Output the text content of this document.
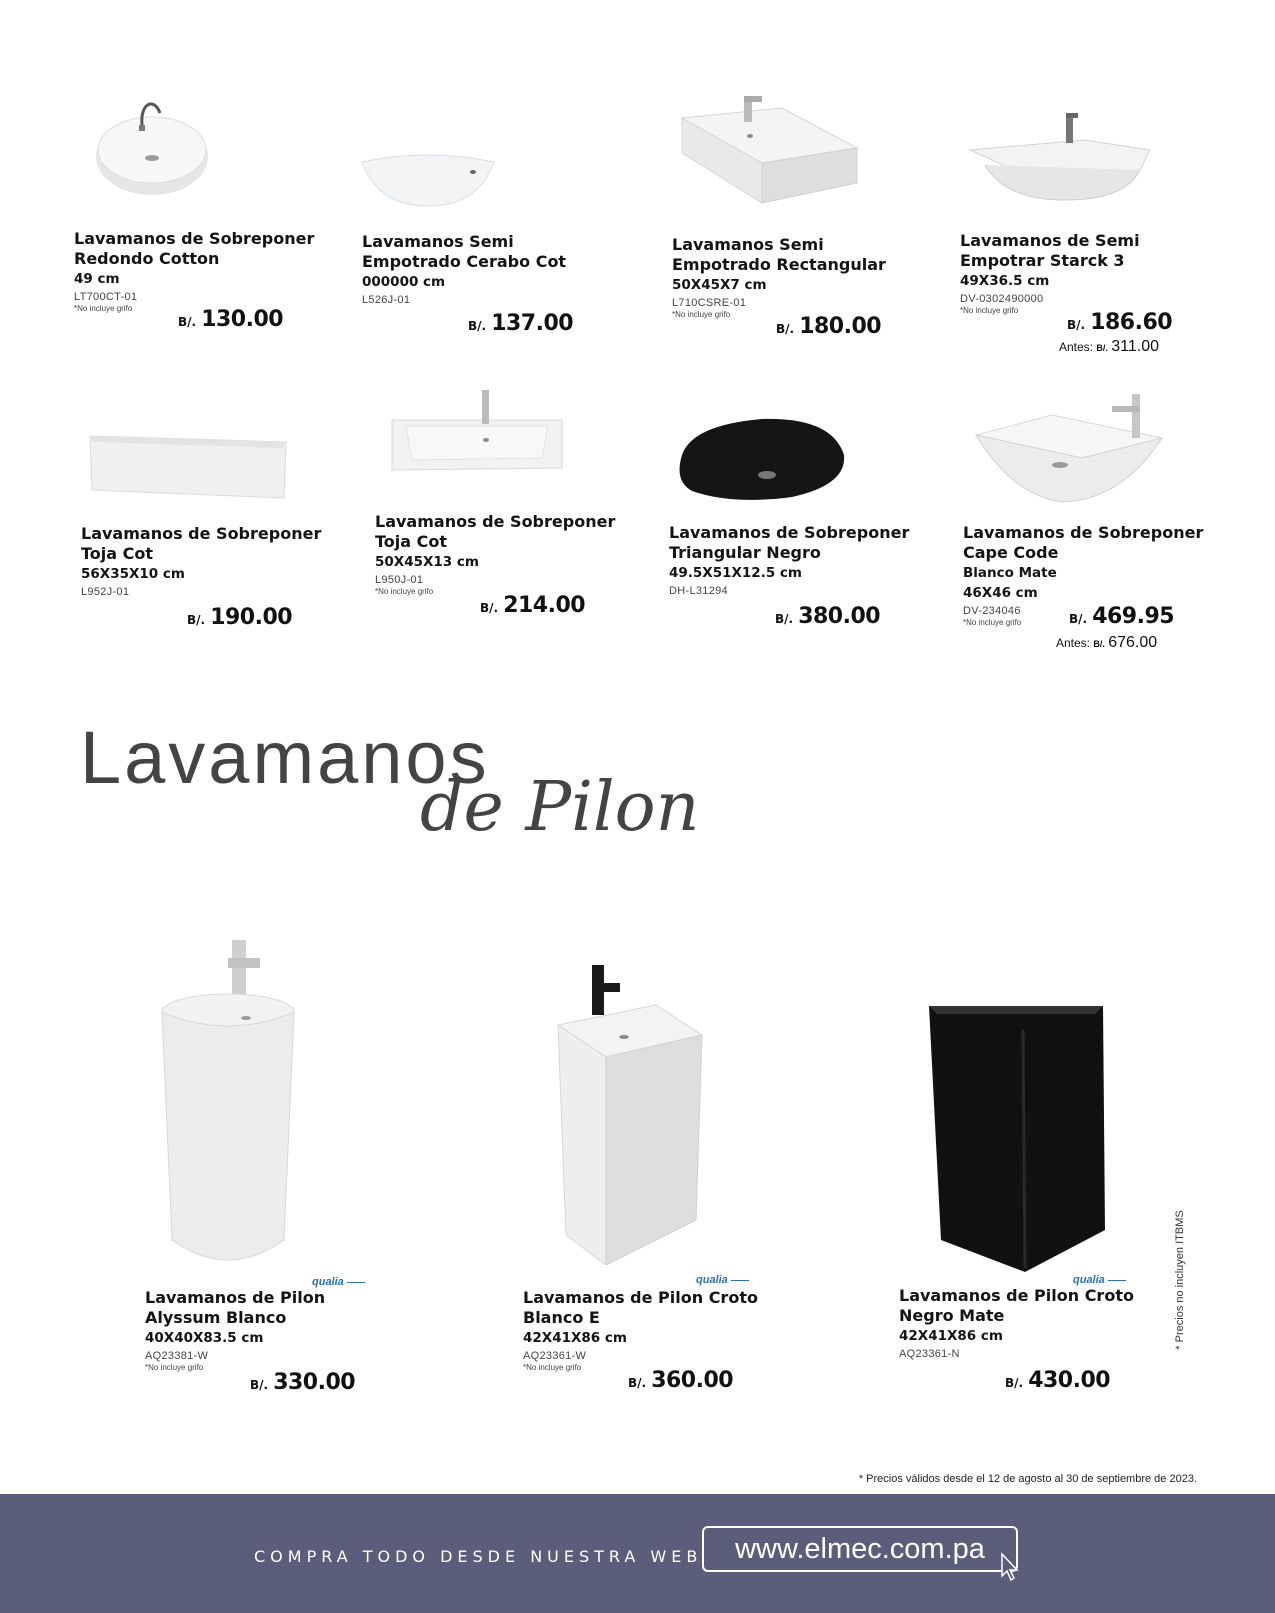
Lavamanos de Sobreponer Redondo Cotton
49 cm
LT700CT-01
*No incluye grifo
B/. 130.00
Lavamanos Semi Empotrado Cerabo Cot
000000 cm
L526J-01
B/. 137.00
Lavamanos Semi Empotrado Rectangular
50X45X7 cm
L710CSRE-01
*No incluye grifo
B/. 180.00
Lavamanos de Semi Empotrar Starck 3
49X36.5 cm
DV-0302490000
*No incluye grifo
B/. 186.60
Antes: B/. 311.00
Lavamanos de Sobreponer Toja Cot
56X35X10 cm
L952J-01
B/. 190.00
Lavamanos de Sobreponer Toja Cot
50X45X13 cm
L950J-01
*No incluye grifo
B/. 214.00
Lavamanos de Sobreponer Triangular Negro
49.5X51X12.5 cm
DH-L31294
B/. 380.00
Lavamanos de Sobreponer Cape Code
Blanco Mate
46X46 cm
DV-234046
*No incluye grifo	B/. 469.95
Antes: B/. 676.00
Lavamanos
de Pilon
qualia
Lavamanos de Pilon Alyssum Blanco
40X40X83.5 cm
AQ23381-W
*No incluye grifo
B/. 330.00
qualia
Lavamanos de Pilon Croto Blanco E
42X41X86 cm
AQ23361-W
*No incluye grifo
B/. 360.00
qualia
Lavamanos de Pilon Croto Negro Mate
42X41X86 cm
AQ23361-N
B/. 430.00
* Precios no incluyen ITBMS
* Precios válidos desde el 12 de agosto al 30 de septiembre de 2023.
COMPRA TODO DESDE NUESTRA WEB	www.elmec.com.pa
